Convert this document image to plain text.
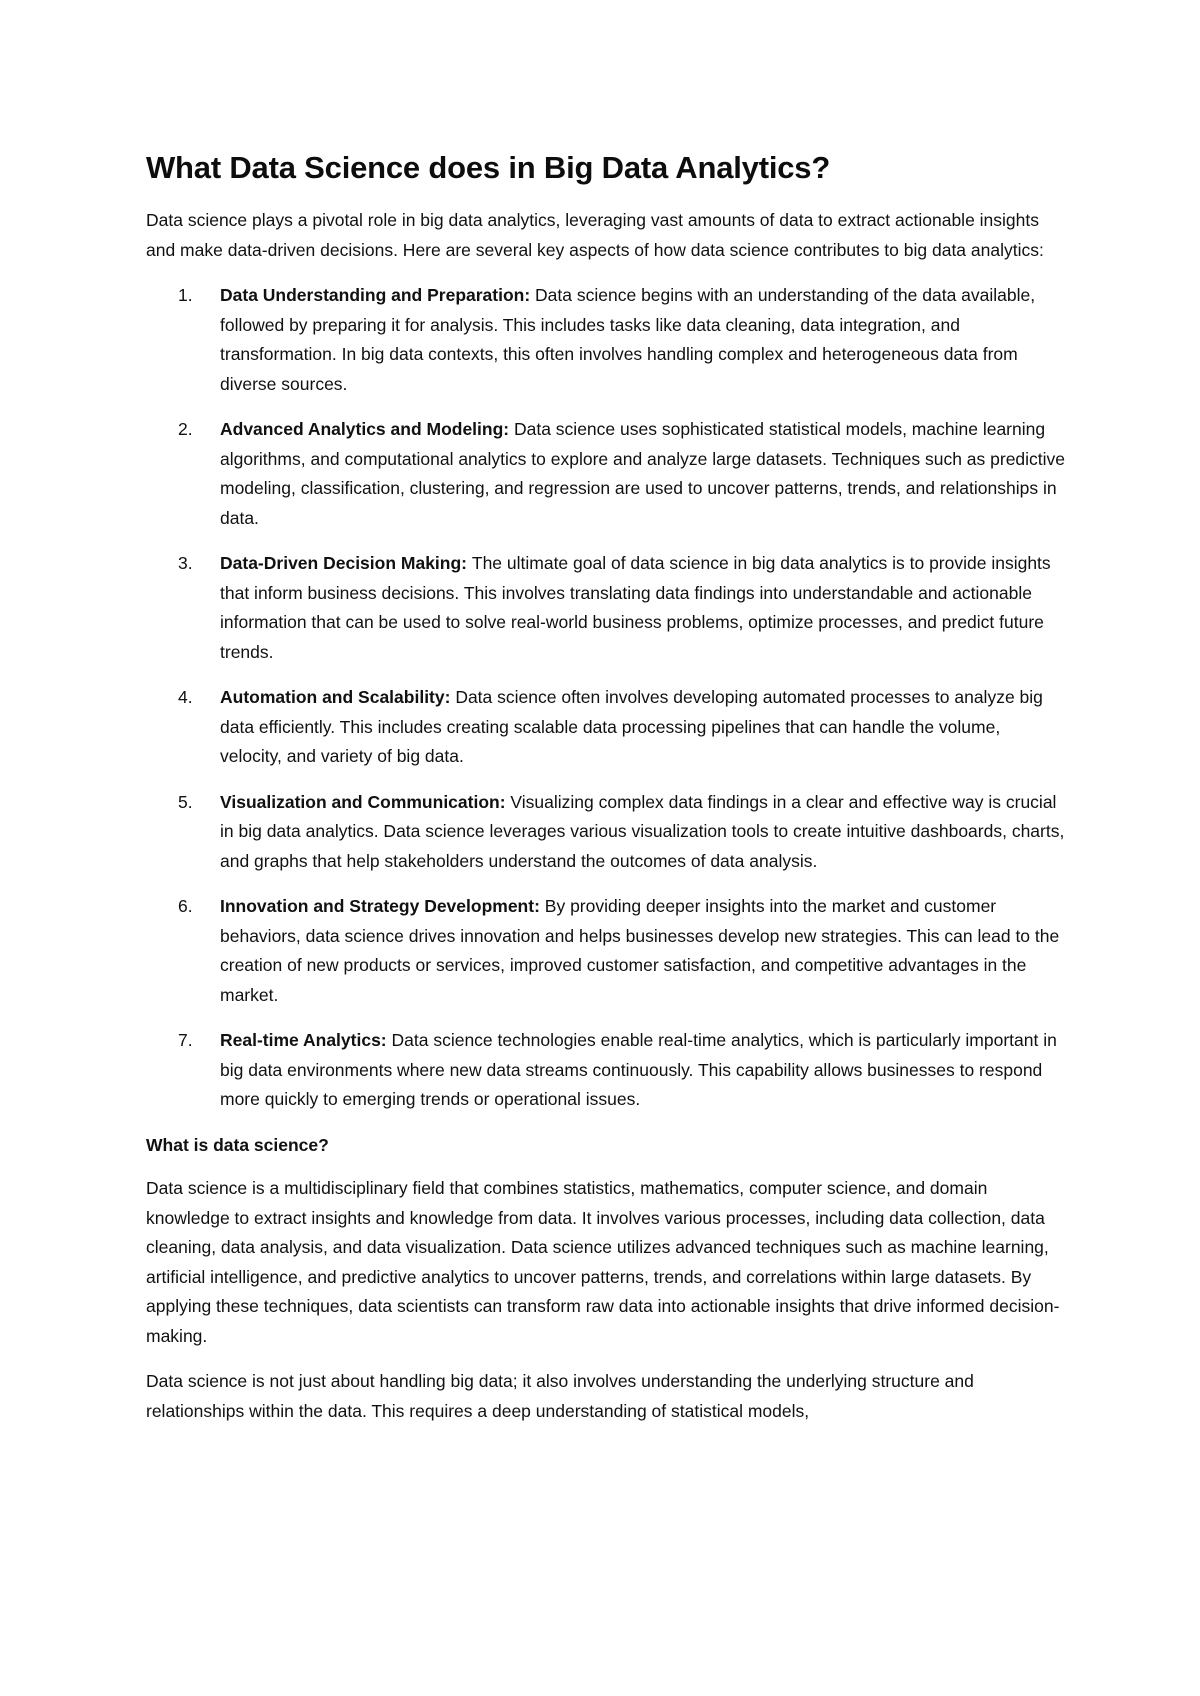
What Data Science does in Big Data Analytics?

Data science plays a pivotal role in big data analytics, leveraging vast amounts of data to extract actionable insights and make data-driven decisions. Here are several key aspects of how data science contributes to big data analytics:

1. Data Understanding and Preparation: Data science begins with an understanding of the data available, followed by preparing it for analysis. This includes tasks like data cleaning, data integration, and transformation. In big data contexts, this often involves handling complex and heterogeneous data from diverse sources.
2. Advanced Analytics and Modeling: Data science uses sophisticated statistical models, machine learning algorithms, and computational analytics to explore and analyze large datasets. Techniques such as predictive modeling, classification, clustering, and regression are used to uncover patterns, trends, and relationships in data.
3. Data-Driven Decision Making: The ultimate goal of data science in big data analytics is to provide insights that inform business decisions. This involves translating data findings into understandable and actionable information that can be used to solve real-world business problems, optimize processes, and predict future trends.
4. Automation and Scalability: Data science often involves developing automated processes to analyze big data efficiently. This includes creating scalable data processing pipelines that can handle the volume, velocity, and variety of big data.
5. Visualization and Communication: Visualizing complex data findings in a clear and effective way is crucial in big data analytics. Data science leverages various visualization tools to create intuitive dashboards, charts, and graphs that help stakeholders understand the outcomes of data analysis.
6. Innovation and Strategy Development: By providing deeper insights into the market and customer behaviors, data science drives innovation and helps businesses develop new strategies. This can lead to the creation of new products or services, improved customer satisfaction, and competitive advantages in the market.
7. Real-time Analytics: Data science technologies enable real-time analytics, which is particularly important in big data environments where new data streams continuously. This capability allows businesses to respond more quickly to emerging trends or operational issues.
What is data science?

Data science is a multidisciplinary field that combines statistics, mathematics, computer science, and domain knowledge to extract insights and knowledge from data. It involves various processes, including data collection, data cleaning, data analysis, and data visualization. Data science utilizes advanced techniques such as machine learning, artificial intelligence, and predictive analytics to uncover patterns, trends, and correlations within large datasets. By applying these techniques, data scientists can transform raw data into actionable insights that drive informed decision-making.

Data science is not just about handling big data; it also involves understanding the underlying structure and relationships within the data. This requires a deep understanding of statistical models,
